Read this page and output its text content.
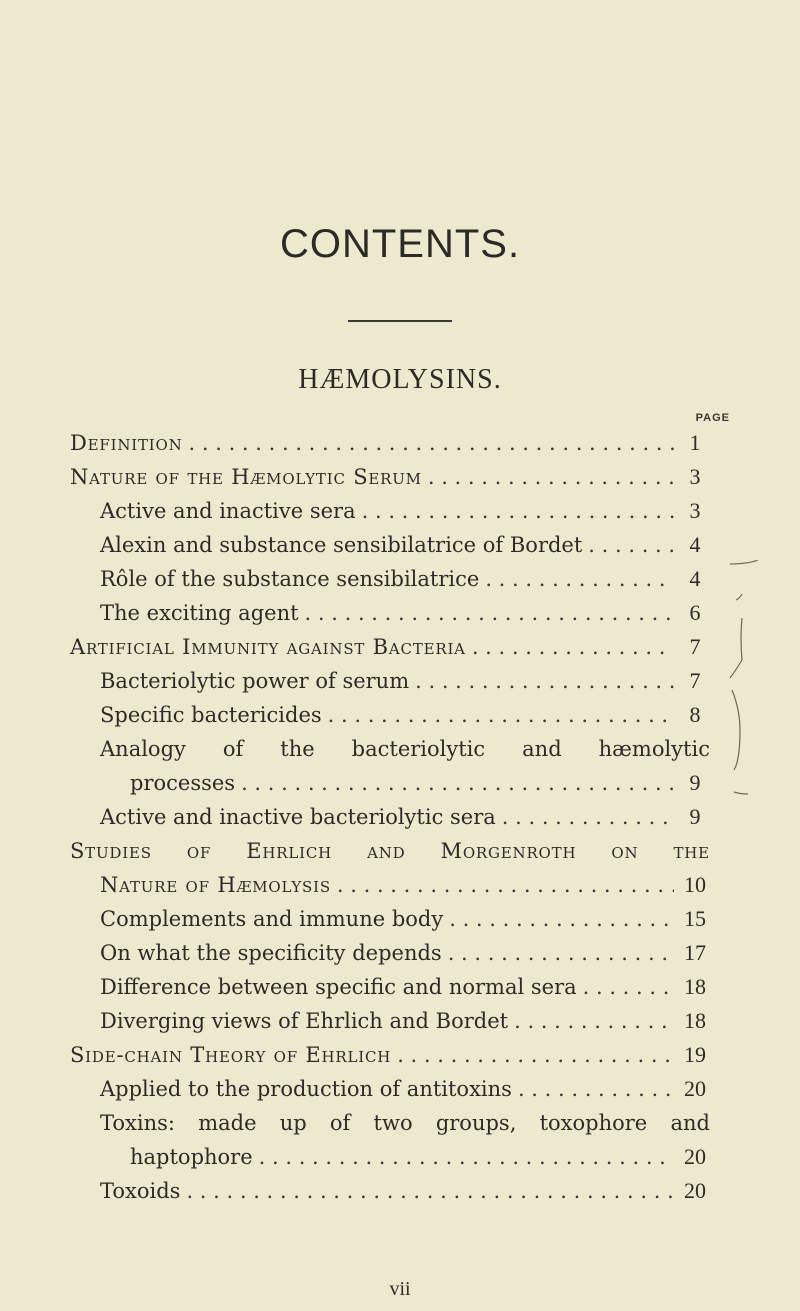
CONTENTS.
HÆMOLYSINS.
PAGE
Definition . . .	1
Nature of the Hæmolytic Serum . . .	3
Active and inactive sera . . .	3
Alexin and substance sensibilatrice of Bordet . . .	4
Rôle of the substance sensibilatrice . . .	4
The exciting agent . . .	6
Artificial Immunity against Bacteria . . .	7
Bacteriolytic power of serum . . .	7
Specific bactericides . . .	8
Analogy of the bacteriolytic and hæmolytic
processes . . .	9
Active and inactive bacteriolytic sera . . .	9
Studies of Ehrlich and Morgenroth on the
Nature of Hæmolysis . . .	10
Complements and immune body . . .	15
On what the specificity depends . . .	17
Difference between specific and normal sera . . .	18
Diverging views of Ehrlich and Bordet . . .	18
Side-chain Theory of Ehrlich . . .	19
Applied to the production of antitoxins . . .	20
Toxins: made up of two groups, toxophore and
haptophore . . .	20
Toxoids . . .	20
vii
